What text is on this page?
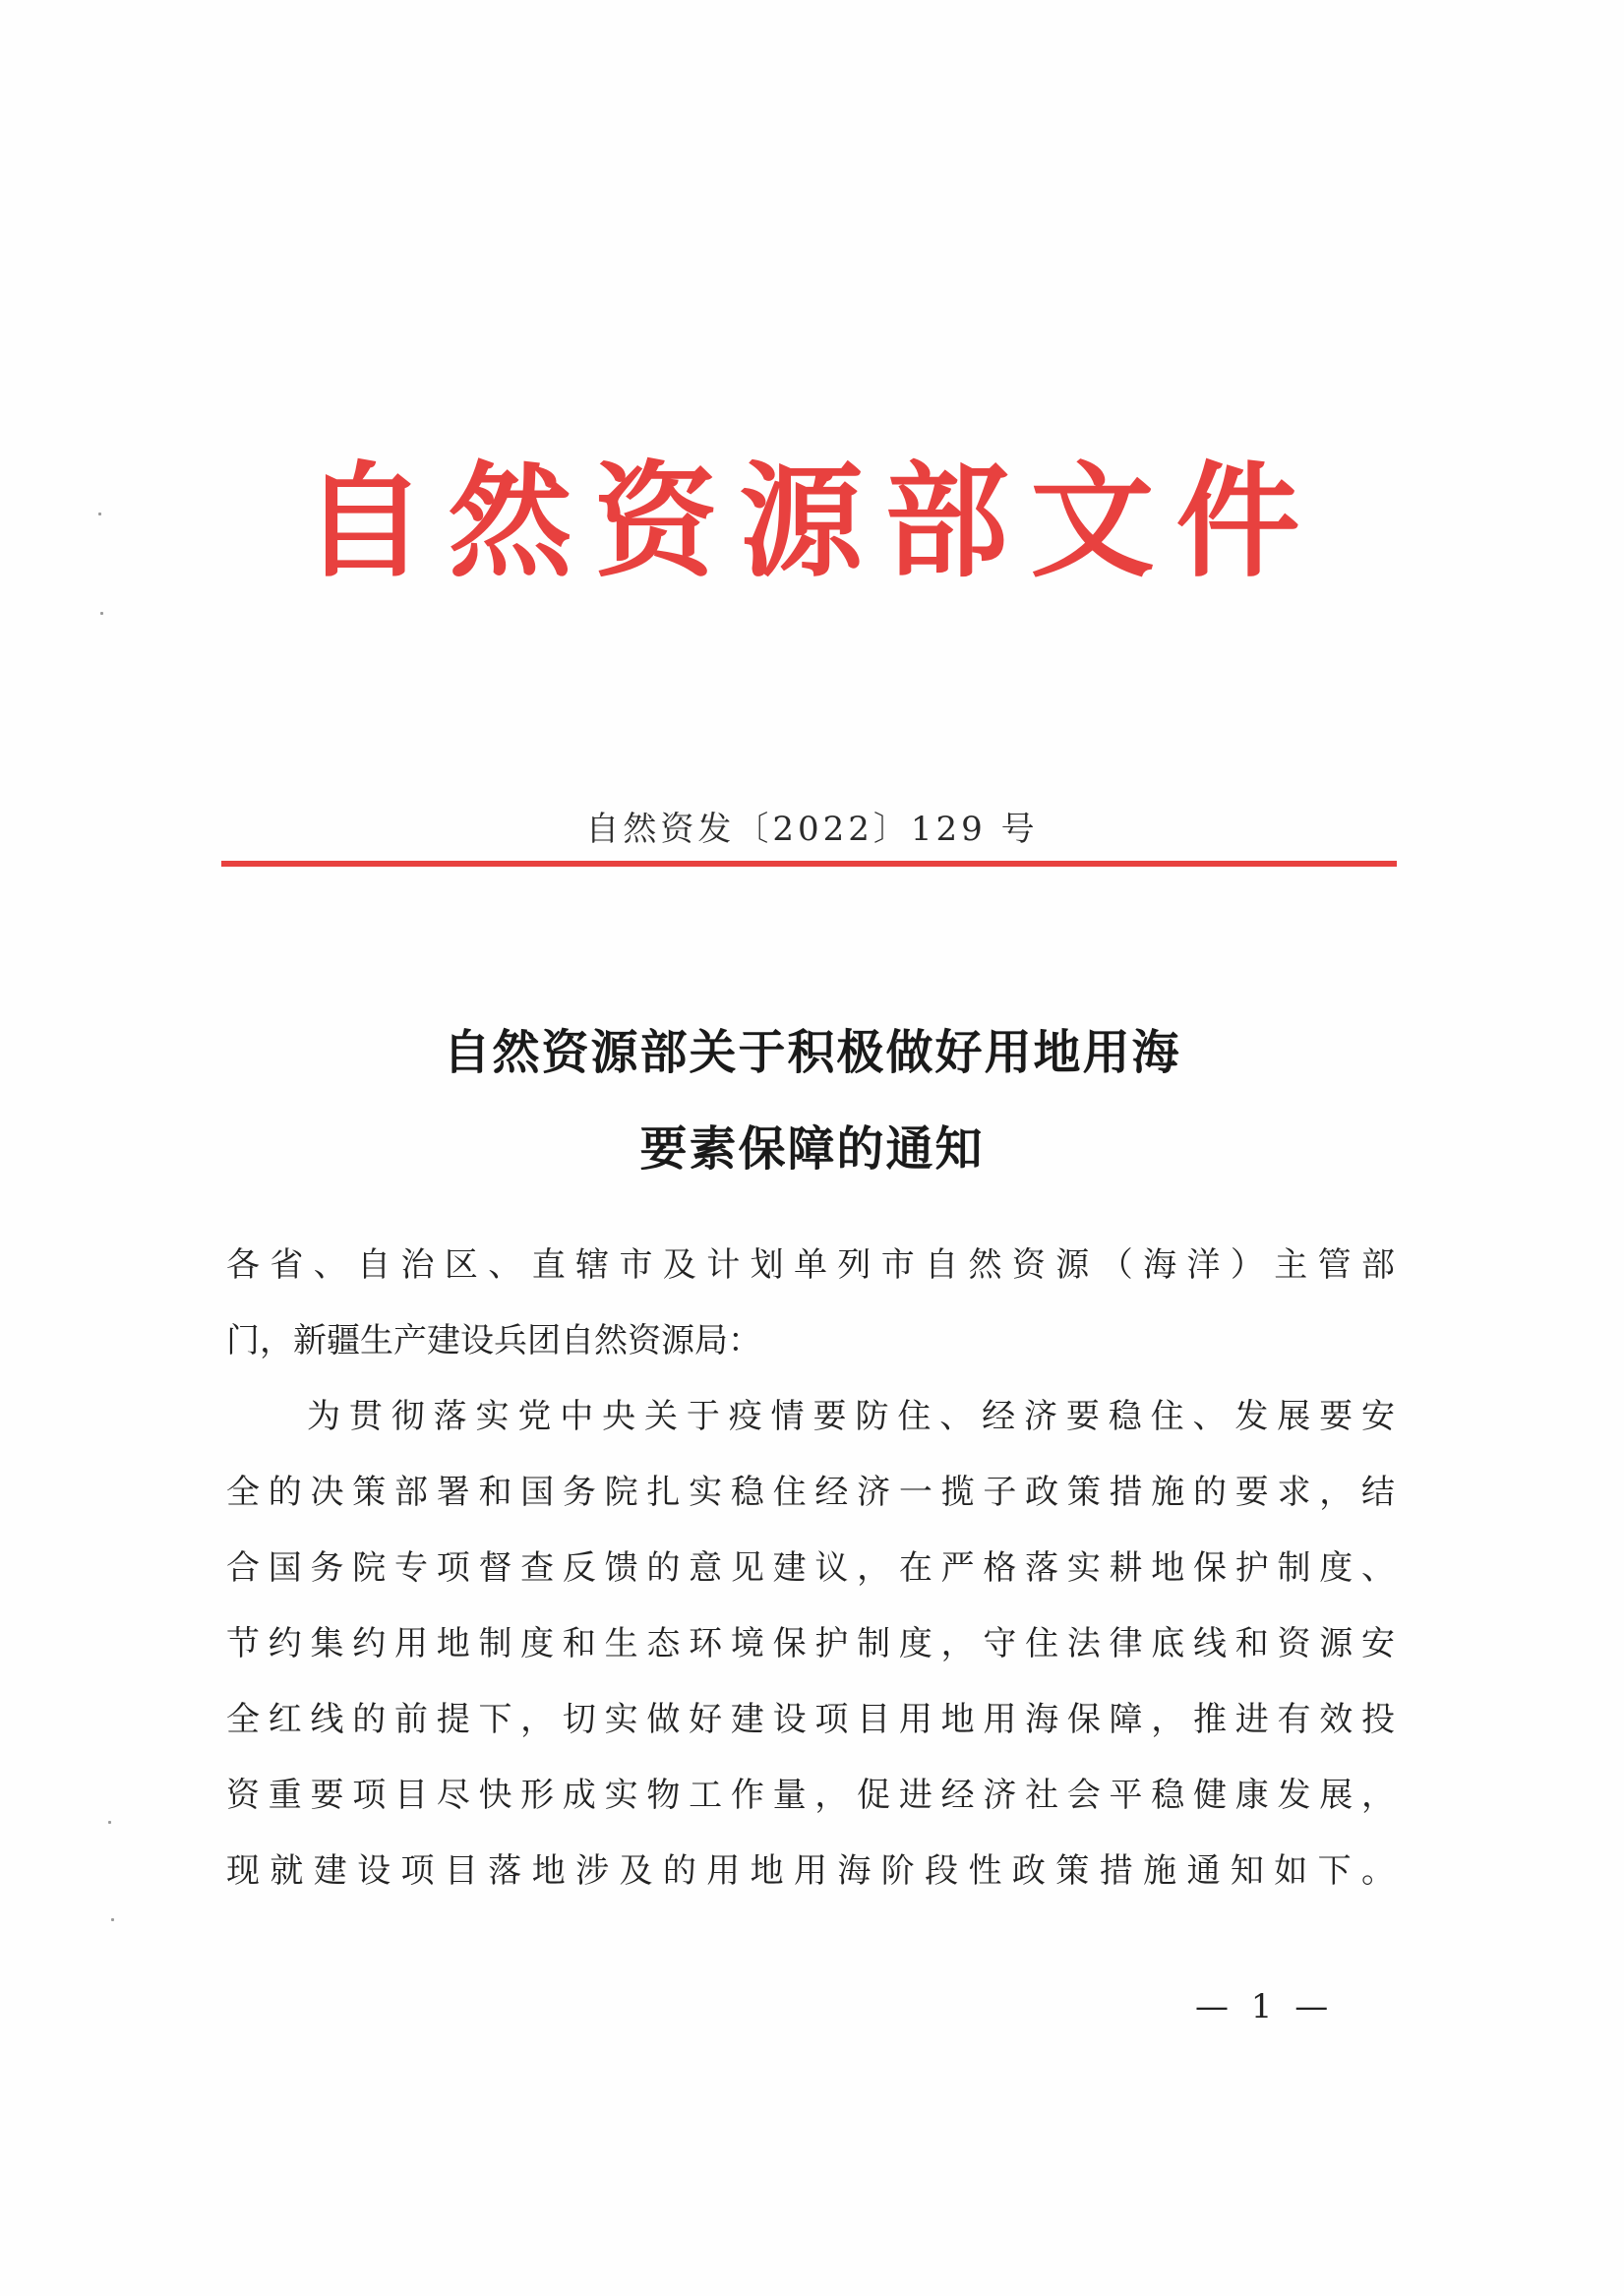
自然资源部文件
自然资发〔2022〕129 号
自然资源部关于积极做好用地用海
要素保障的通知
各省、自治区、直辖市及计划单列市自然资源（海洋）主管部
门，新疆生产建设兵团自然资源局：
为贯彻落实党中央关于疫情要防住、经济要稳住、发展要安
全的决策部署和国务院扎实稳住经济一揽子政策措施的要求，结
合国务院专项督查反馈的意见建议，在严格落实耕地保护制度、
节约集约用地制度和生态环境保护制度，守住法律底线和资源安
全红线的前提下，切实做好建设项目用地用海保障，推进有效投
资重要项目尽快形成实物工作量，促进经济社会平稳健康发展，
现就建设项目落地涉及的用地用海阶段性政策措施通知如下。
— 1 —
